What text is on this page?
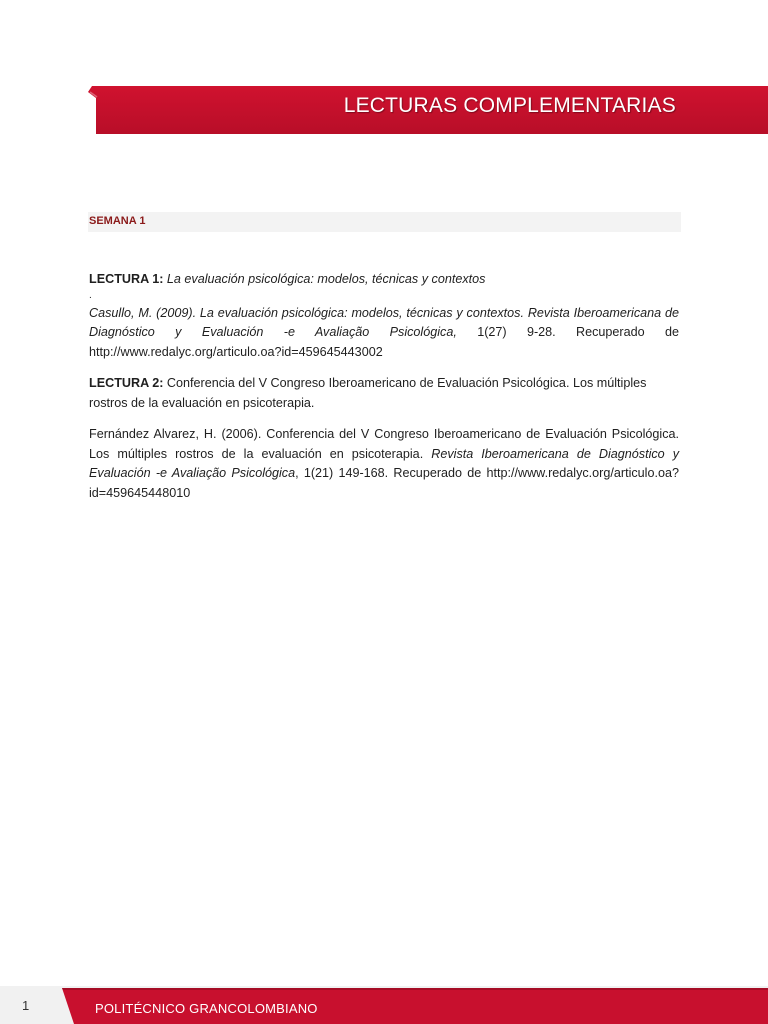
LECTURAS COMPLEMENTARIAS
SEMANA 1

LECTURA 1: La evaluación psicológica: modelos, técnicas y contextos

.

Casullo, M. (2009). La evaluación psicológica: modelos, técnicas y contextos. Revista Iberoamericana de Diagnóstico y Evaluación -e Avaliação Psicológica, 1(27) 9-28. Recuperado de http://www.redalyc.org/articulo.oa?id=459645443002

LECTURA 2: Conferencia del V Congreso Iberoamericano de Evaluación Psicológica. Los múltiples rostros de la evaluación en psicoterapia.

Fernández Alvarez, H. (2006). Conferencia del V Congreso Iberoamericano de Evaluación Psicológica. Los múltiples rostros de la evaluación en psicoterapia. Revista Iberoamericana de Diagnóstico y Evaluación -e Avaliação Psicológica, 1(21) 149-168. Recuperado de http://www.redalyc.org/articulo.oa?id=459645448010

1	POLITÉCNICO GRANCOLOMBIANO
